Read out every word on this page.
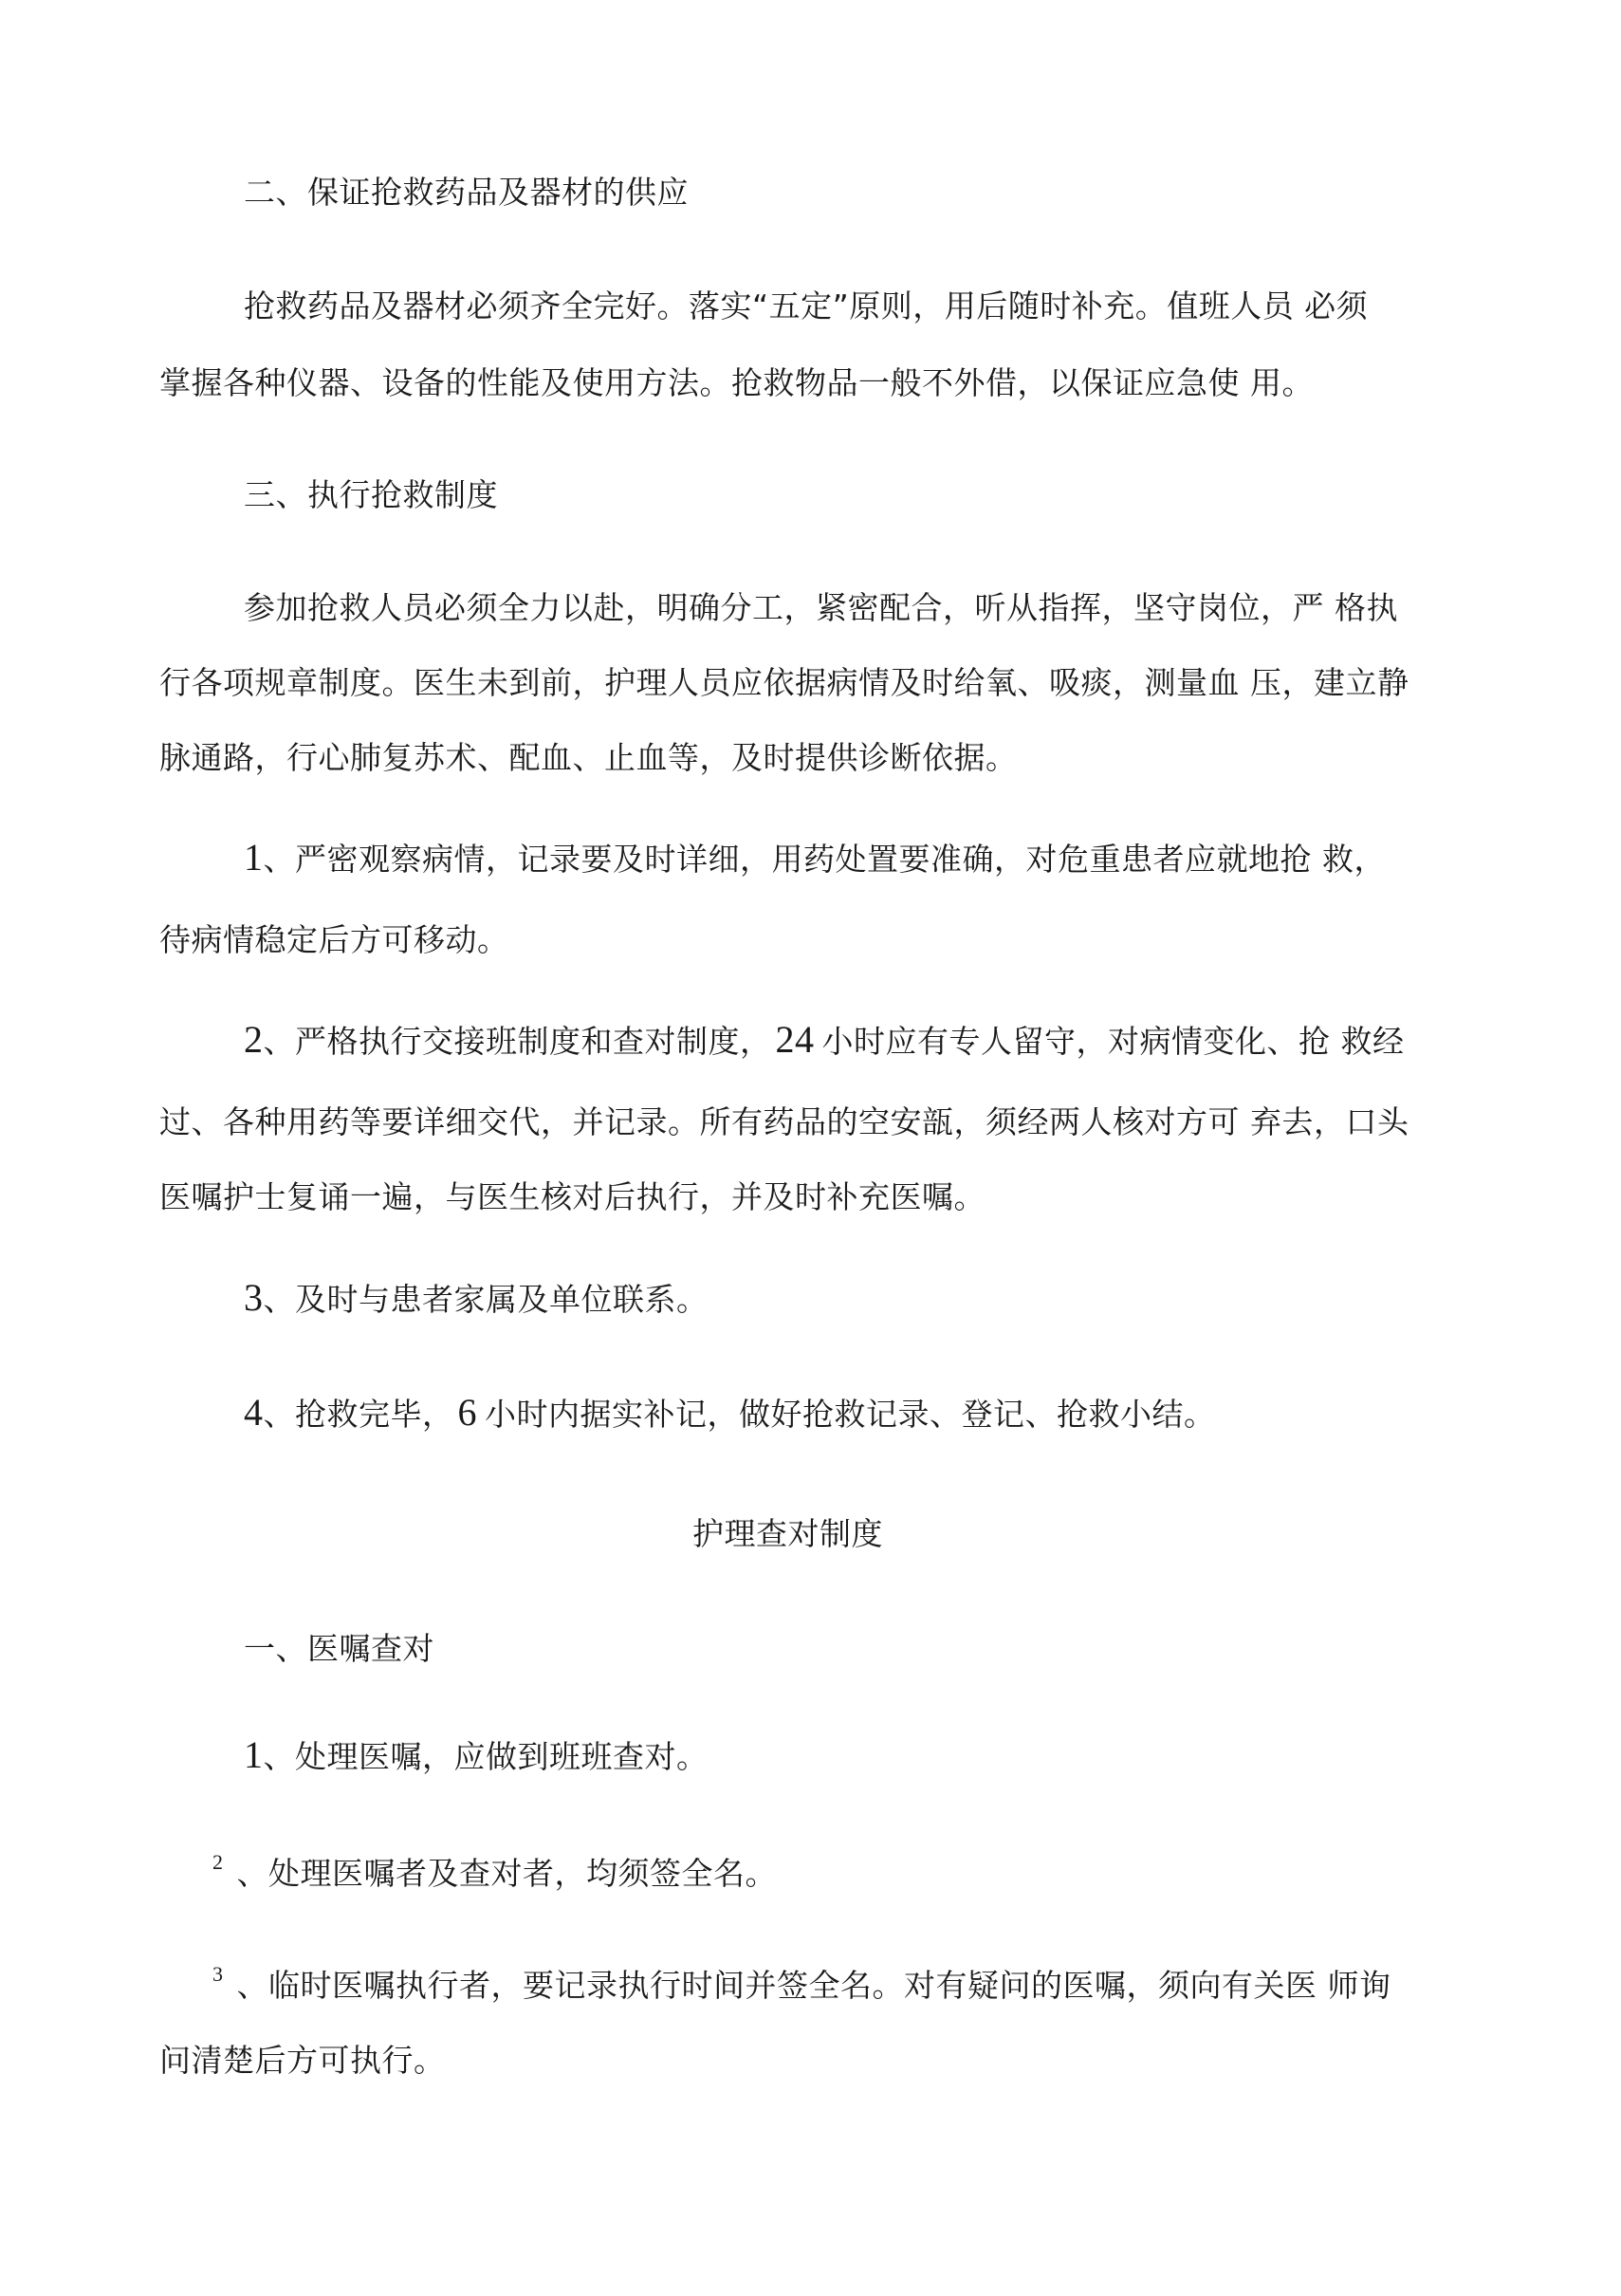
二、保证抢救药品及器材的供应
抢救药品及器材必须齐全完好。落实“五定”原则，用后随时补充。值班人员 必须
掌握各种仪器、设备的性能及使用方法。抢救物品一般不外借，以保证应急使 用。
三、执行抢救制度
参加抢救人员必须全力以赴，明确分工，紧密配合，听从指挥，坚守岗位，严 格执
行各项规章制度。医生未到前，护理人员应依据病情及时给氧、吸痰，测量血 压，建立静
脉通路，行心肺复苏术、配血、止血等，及时提供诊断依据。
1、严密观察病情，记录要及时详细，用药处置要准确，对危重患者应就地抢 救，
待病情稳定后方可移动。
2、严格执行交接班制度和查对制度， 24 小时应有专人留守，对病情变化、抢 救经
过、各种用药等要详细交代，并记录。所有药品的空安瓿，须经两人核对方可 弃去，口头
医嘱护士复诵一遍，与医生核对后执行，并及时补充医嘱。
3、及时与患者家属及单位联系。
4、抢救完毕， 6 小时内据实补记，做好抢救记录、登记、抢救小结。
护理查对制度
一、医嘱查对
1、处理医嘱，应做到班班查对。
$^2$ 、处理医嘱者及查对者，均须签全名。
$^3$ 、临时医嘱执行者，要记录执行时间并签全名。对有疑问的医嘱，须向有关医 师询
问清楚后方可执行。
